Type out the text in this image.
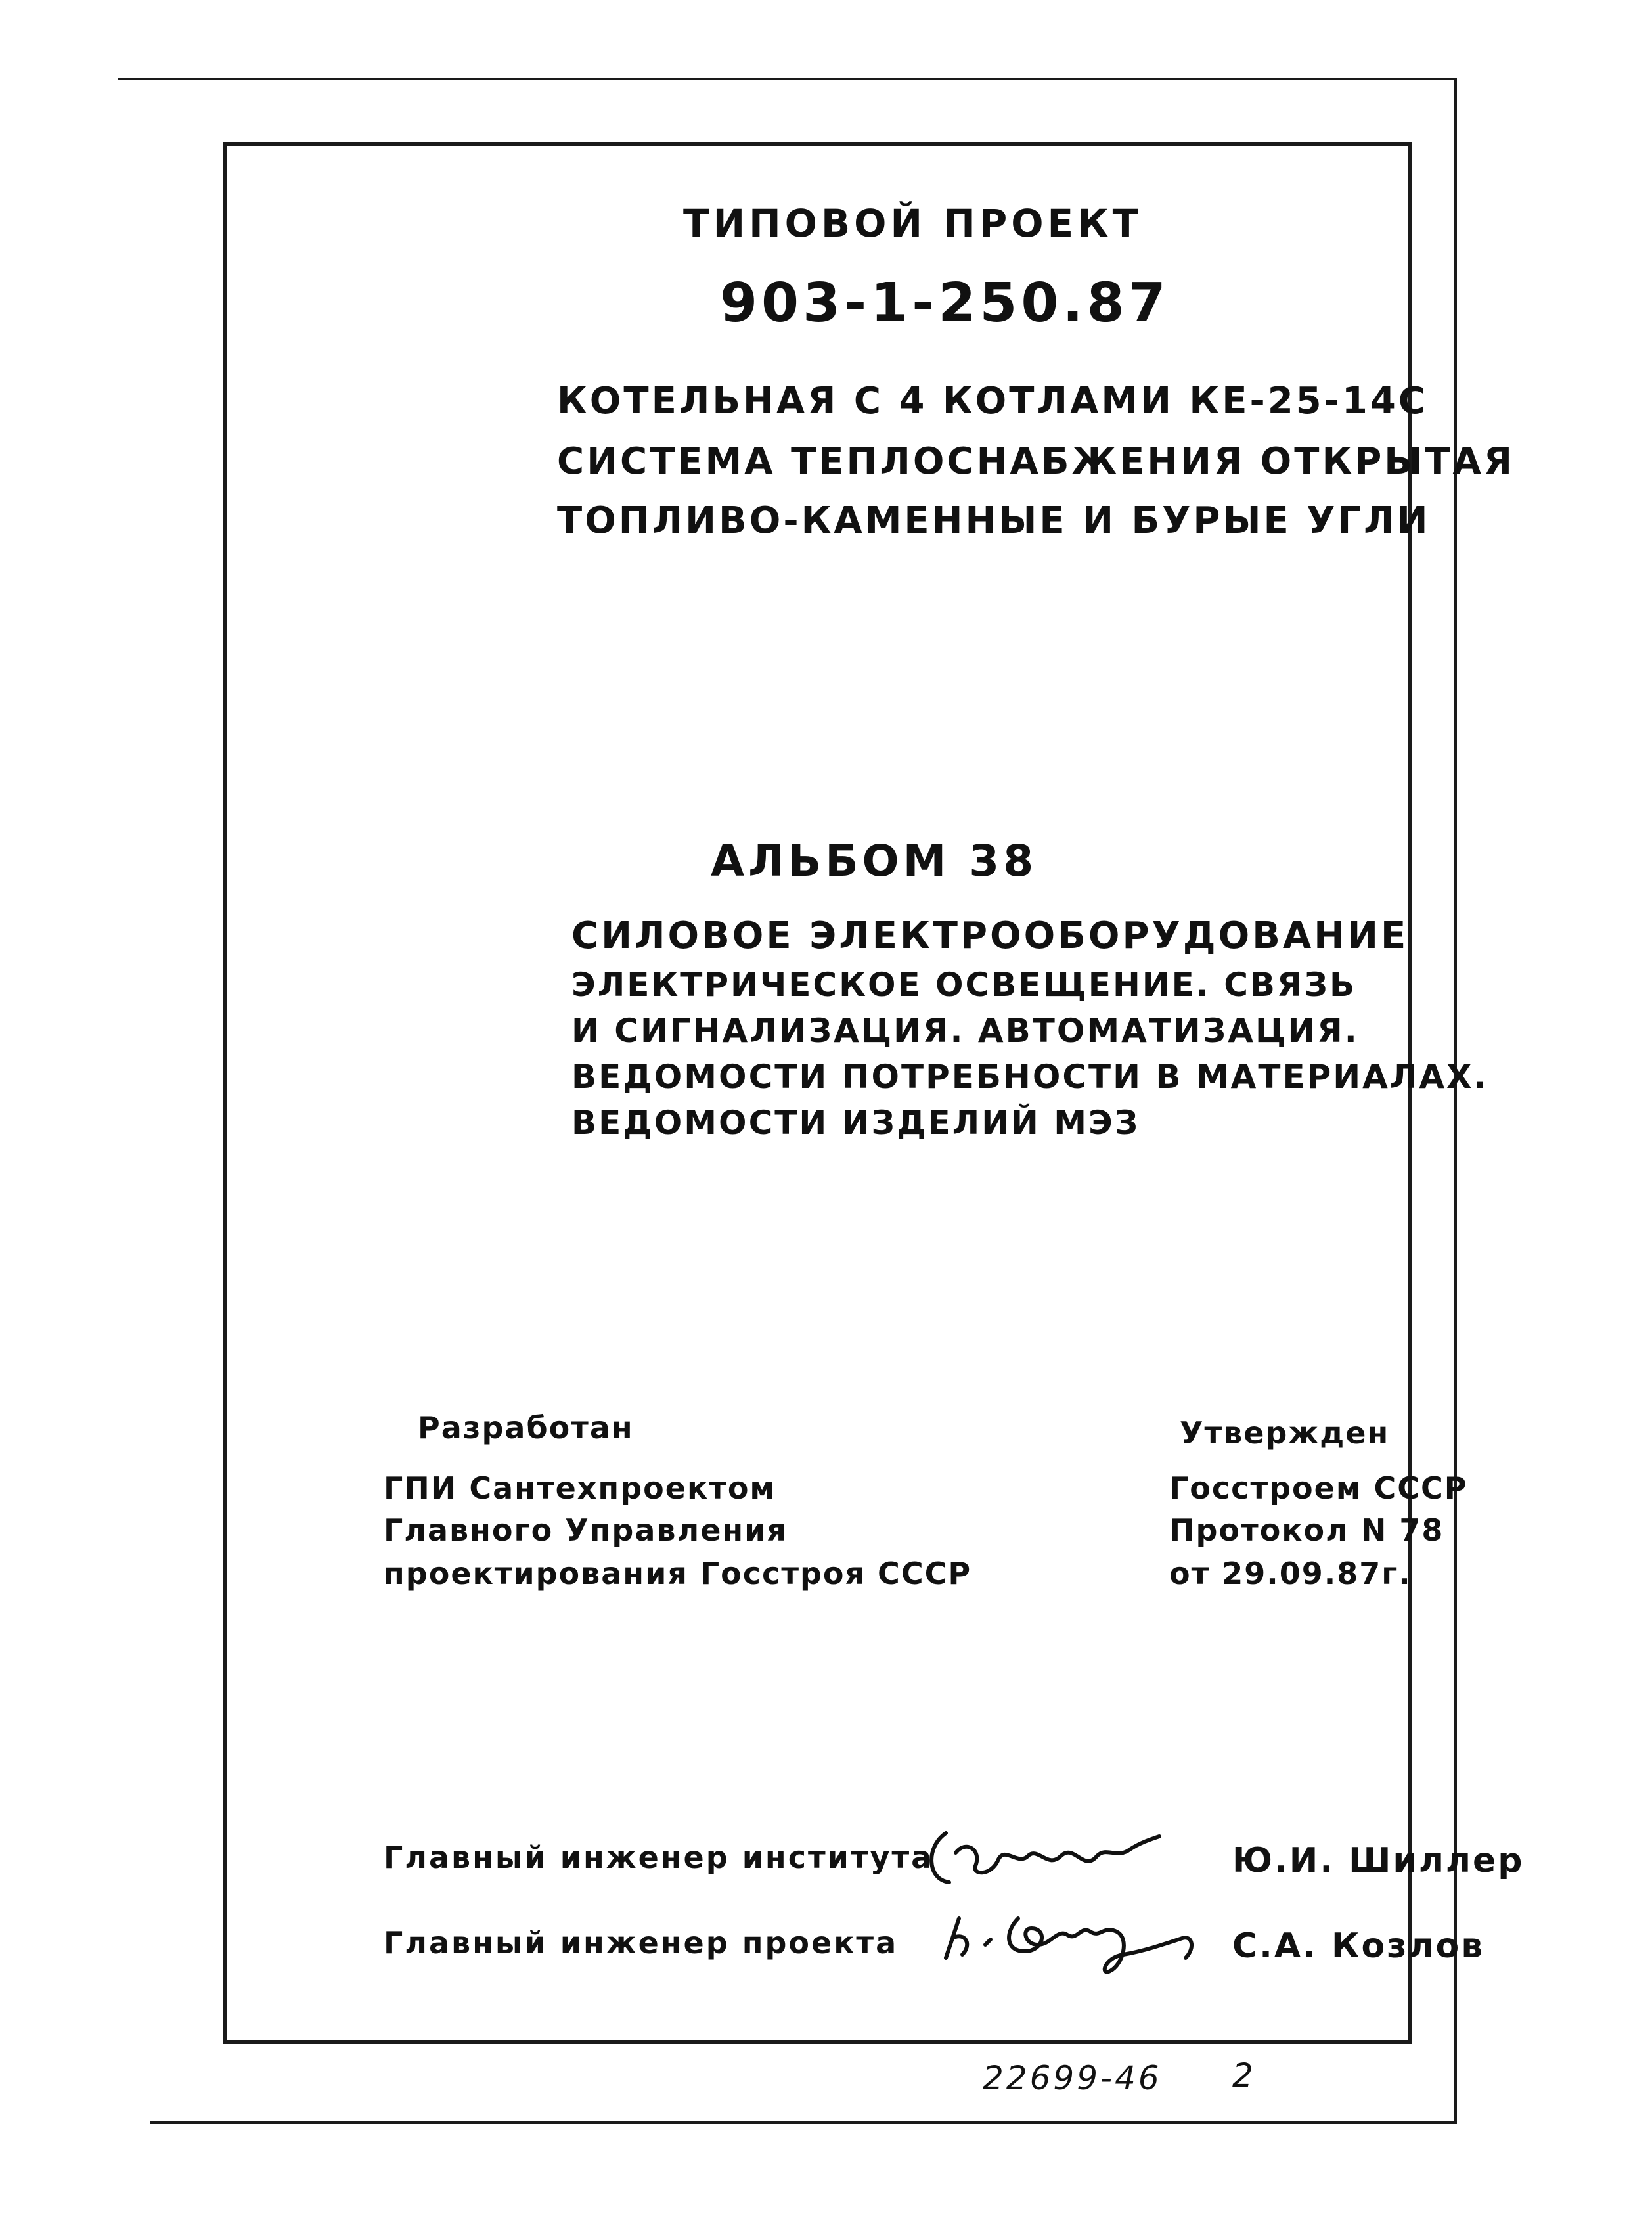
ТИПОВОЙ ПРОЕКТ
903-1-250.87
КОТЕЛЬНАЯ С 4 КОТЛАМИ КЕ-25-14С
СИСТЕМА ТЕПЛОСНАБЖЕНИЯ ОТКРЫТАЯ
ТОПЛИВО-КАМЕННЫЕ И БУРЫЕ УГЛИ
АЛЬБОМ 38
СИЛОВОЕ ЭЛЕКТРООБОРУДОВАНИЕ
ЭЛЕКТРИЧЕСКОЕ ОСВЕЩЕНИЕ. СВЯЗЬ
И СИГНАЛИЗАЦИЯ. АВТОМАТИЗАЦИЯ.
ВЕДОМОСТИ ПОТРЕБНОСТИ В МАТЕРИАЛАХ.
ВЕДОМОСТИ ИЗДЕЛИЙ МЭЗ
Разработан
ГПИ Сантехпроектом
Главного Управления
проектирования Госстроя СССР
Утвержден
Госстроем СССР
Протокол N 78
от 29.09.87г.
Главный инженер института	Ю.И. Шиллер
Главный инженер проекта	С.А. Козлов
22699-46 2
